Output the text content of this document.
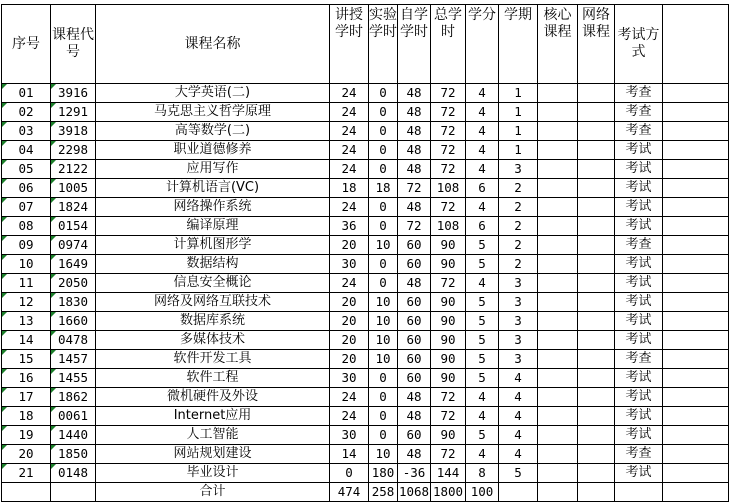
序号	课程代号	课程名称	讲授学时	实验学时	自学学时	总学时	学分	学期	核心课程	网络课程	考试方式	
01	3916	大学英语(二)	24	0	48	72	4	1			考查	
02	1291	马克思主义哲学原理	24	0	48	72	4	1			考查	
03	3918	高等数学(二)	24	0	48	72	4	1			考查	
04	2298	职业道德修养	24	0	48	72	4	1			考试	
05	2122	应用写作	24	0	48	72	4	3			考试	
06	1005	计算机语言(VC)	18	18	72	108	6	2			考试	
07	1824	网络操作系统	24	0	48	72	4	2			考试	
08	0154	编译原理	36	0	72	108	6	2			考试	
09	0974	计算机图形学	20	10	60	90	5	2			考查	
10	1649	数据结构	30	0	60	90	5	2			考试	
11	2050	信息安全概论	24	0	48	72	4	3			考试	
12	1830	网络及网络互联技术	20	10	60	90	5	3			考试	
13	1660	数据库系统	20	10	60	90	5	3			考试	
14	0478	多媒体技术	20	10	60	90	5	3			考试	
15	1457	软件开发工具	20	10	60	90	5	3			考查	
16	1455	软件工程	30	0	60	90	5	4			考试	
17	1862	微机硬件及外设	24	0	48	72	4	4			考试	
18	0061	Internet应用	24	0	48	72	4	4			考试	
19	1440	人工智能	30	0	60	90	5	4			考试	
20	1850	网站规划建设	14	10	48	72	4	4			考查	
21	0148	毕业设计	0	180	-36	144	8	5			考试	
		合计	474	258	1068	1800	100					
